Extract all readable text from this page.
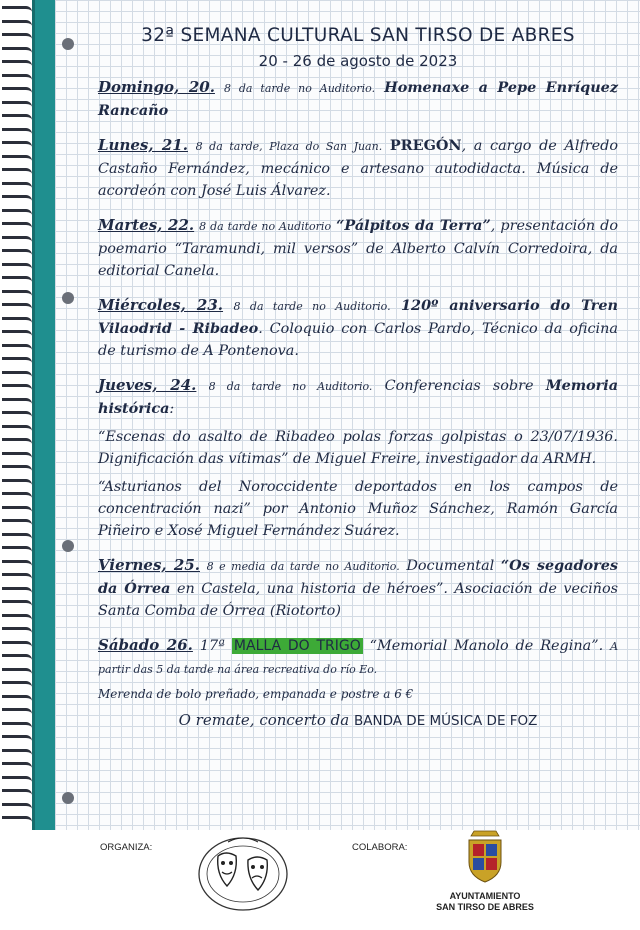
32ª SEMANA CULTURAL SAN TIRSO DE ABRES
20 - 26 de agosto de 2023
Domingo, 20. 8 da tarde no Auditorio. Homenaxe a Pepe Enríquez Rancaño
Lunes, 21. 8 da tarde, Plaza do San Juan. PREGÓN, a cargo de Alfredo Castaño Fernández, mecánico e artesano autodidacta. Música de acordeón con José Luis Álvarez.
Martes, 22. 8 da tarde no Auditorio “Pálpitos da Terra”, presentación do poemario “Taramundi, mil versos” de Alberto Calvín Corredoira, da editorial Canela.
Miércoles, 23. 8 da tarde no Auditorio. 120º aniversario do Tren Vilaodrid - Ribadeo. Coloquio con Carlos Pardo, Técnico da oficina de turismo de A Pontenova.
Jueves, 24. 8 da tarde no Auditorio. Conferencias sobre Memoria histórica:
“Escenas do asalto de Ribadeo polas forzas golpistas o 23/07/1936. Dignificación das vítimas” de Miguel Freire, investigador da ARMH.
“Asturianos del Noroccidente deportados en los campos de concentración nazi” por Antonio Muñoz Sánchez, Ramón García Piñeiro e Xosé Miguel Fernández Suárez.
Viernes, 25. 8 e media da tarde no Auditorio. Documental “Os segadores da Órrea en Castela, una historia de héroes”. Asociación de veciños Santa Comba de Órrea (Riotorto)
Sábado 26. 17ª MALLA DO TRIGO “Memorial Manolo de Regina”. A partir das 5 da tarde na área recreativa do río Eo.
Merenda de bolo preñado, empanada e postre a 6 €
O remate, concerto da BANDA DE MÚSICA DE FOZ
ORGANIZA:	COLABORA:
AYUNTAMIENTO
SAN TIRSO DE ABRES
